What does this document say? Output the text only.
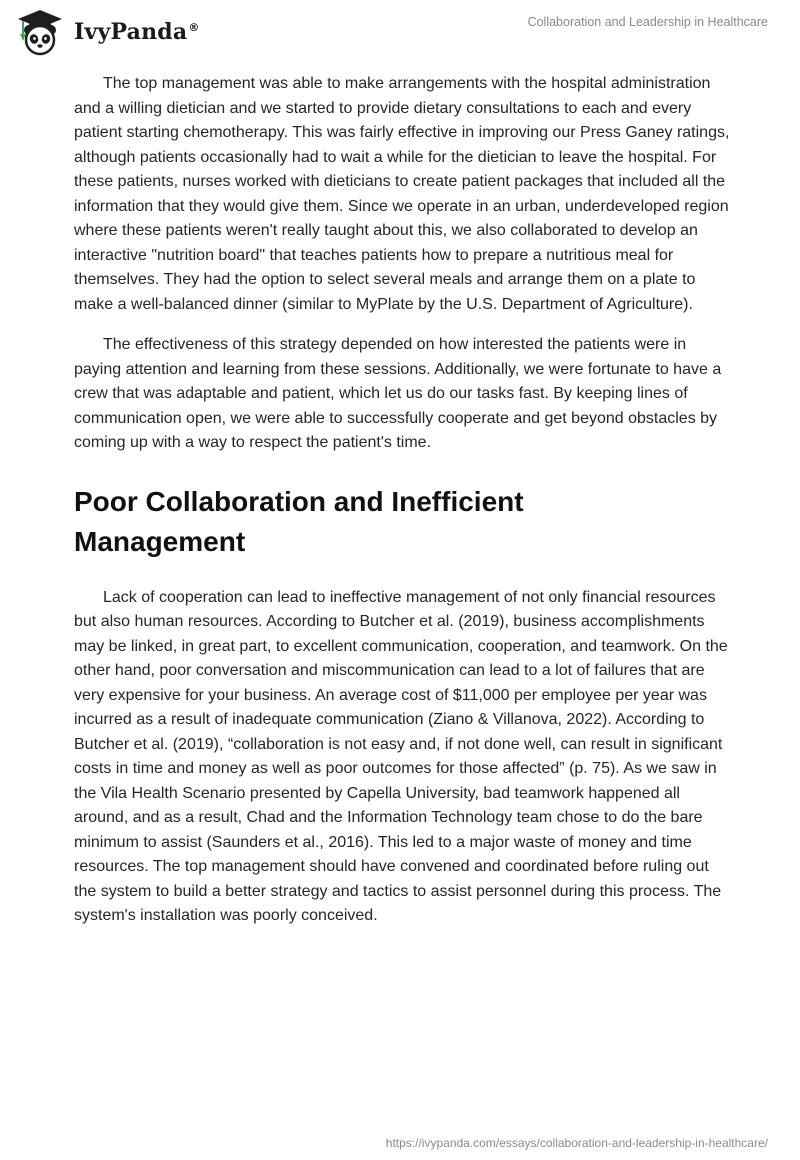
IvyPanda®	Collaboration and Leadership in Healthcare

The top management was able to make arrangements with the hospital administration and a willing dietician and we started to provide dietary consultations to each and every patient starting chemotherapy. This was fairly effective in improving our Press Ganey ratings, although patients occasionally had to wait a while for the dietician to leave the hospital. For these patients, nurses worked with dieticians to create patient packages that included all the information that they would give them. Since we operate in an urban, underdeveloped region where these patients weren't really taught about this, we also collaborated to develop an interactive "nutrition board" that teaches patients how to prepare a nutritious meal for themselves. They had the option to select several meals and arrange them on a plate to make a well-balanced dinner (similar to MyPlate by the U.S. Department of Agriculture).

The effectiveness of this strategy depended on how interested the patients were in paying attention and learning from these sessions. Additionally, we were fortunate to have a crew that was adaptable and patient, which let us do our tasks fast. By keeping lines of communication open, we were able to successfully cooperate and get beyond obstacles by coming up with a way to respect the patient's time.

Poor Collaboration and Inefficient Management

Lack of cooperation can lead to ineffective management of not only financial resources but also human resources. According to Butcher et al. (2019), business accomplishments may be linked, in great part, to excellent communication, cooperation, and teamwork. On the other hand, poor conversation and miscommunication can lead to a lot of failures that are very expensive for your business. An average cost of $11,000 per employee per year was incurred as a result of inadequate communication (Ziano & Villanova, 2022). According to Butcher et al. (2019), “collaboration is not easy and, if not done well, can result in significant costs in time and money as well as poor outcomes for those affected” (p. 75). As we saw in the Vila Health Scenario presented by Capella University, bad teamwork happened all around, and as a result, Chad and the Information Technology team chose to do the bare minimum to assist (Saunders et al., 2016). This led to a major waste of money and time resources. The top management should have convened and coordinated before ruling out the system to build a better strategy and tactics to assist personnel during this process. The system's installation was poorly conceived.

https://ivypanda.com/essays/collaboration-and-leadership-in-healthcare/
